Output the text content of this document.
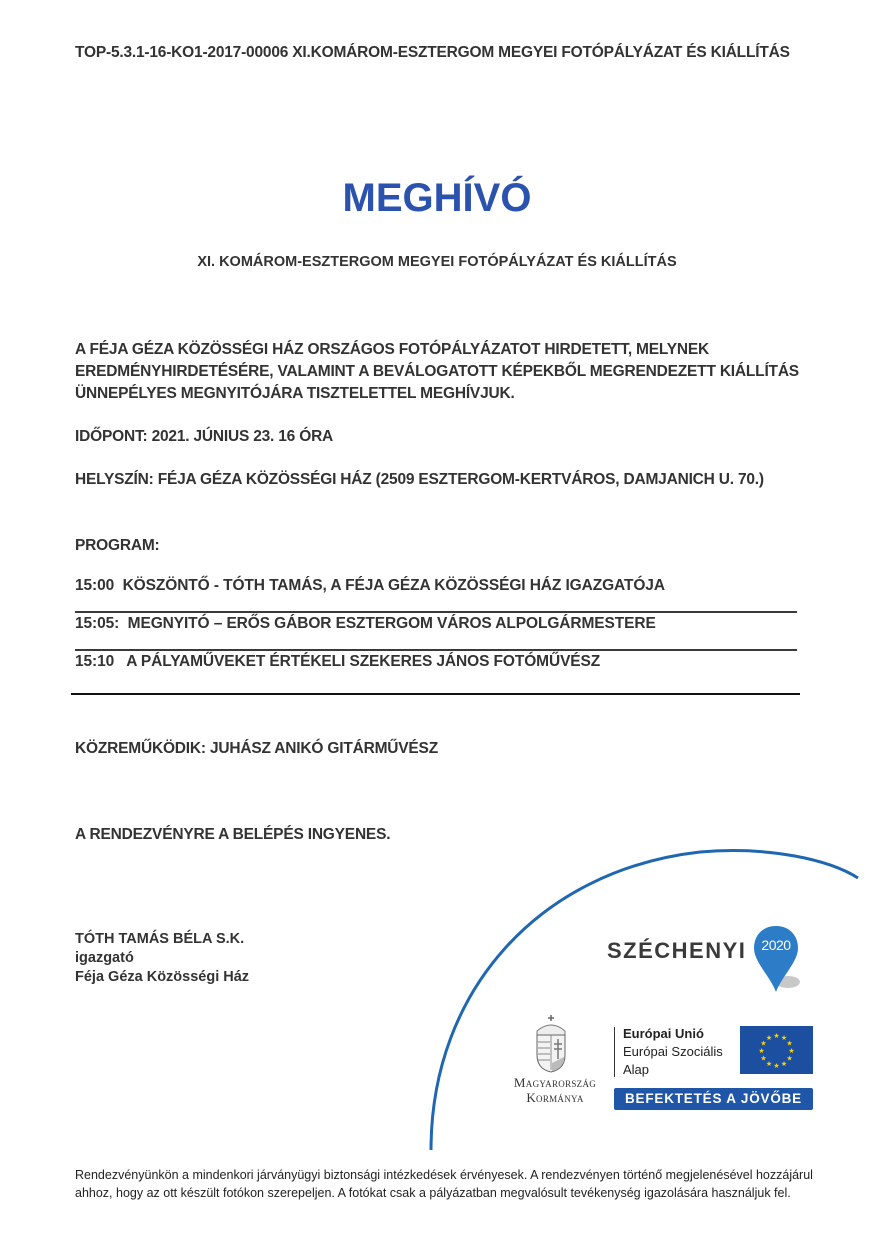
TOP-5.3.1-16-KO1-2017-00006 XI.KOMÁROM-ESZTERGOM MEGYEI FOTÓPÁLYÁZAT ÉS KIÁLLÍTÁS
MEGHÍVÓ
XI. KOMÁROM-ESZTERGOM MEGYEI FOTÓPÁLYÁZAT ÉS KIÁLLÍTÁS
A FÉJA GÉZA KÖZÖSSÉGI HÁZ ORSZÁGOS FOTÓPÁLYÁZATOT HIRDETETT, MELYNEK EREDMÉNYHIRDETÉSÉRE, VALAMINT A BEVÁLOGATOTT KÉPEKBŐL MEGRENDEZETT KIÁLLÍTÁS ÜNNEPÉLYES MEGNYITÓJÁRA TISZTELETTEL MEGHÍVJUK.
IDŐPONT: 2021. JÚNIUS 23. 16 ÓRA
HELYSZÍN: FÉJA GÉZA KÖZÖSSÉGI HÁZ (2509 ESZTERGOM-KERTVÁROS, DAMJANICH U. 70.)
PROGRAM:
15:00 KÖSZÖNTŐ - TÓTH TAMÁS, A FÉJA GÉZA KÖZÖSSÉGI HÁZ IGAZGATÓJA
15:05: MEGNYITÓ – ERŐS GÁBOR ESZTERGOM VÁROS ALPOLGÁRMESTERE
15:10 A PÁLYAMŰVEKET ÉRTÉKELI SZEKERES JÁNOS FOTÓMŰVÉSZ
KÖZREMŰKÖDIK: JUHÁSZ ANIKÓ GITÁRMŰVÉSZ
A RENDEZVÉNYRE A BELÉPÉS INGYENES.
TÓTH TAMÁS BÉLA S.K.
igazgató
Féja Géza Közösségi Ház
SZÉCHENYI	2020
Magyarország
Kormánya
Európai Unió
Európai Szociális
Alap
★ ★
★
★
★
★
★
★
★
★
★
★
BEFEKTETÉS A JÖVŐBE
Rendezvényünkön a mindenkori járványügyi biztonsági intézkedések érvényesek. A rendezvényen történő megjelenésével hozzájárul ahhoz, hogy az ott készült fotókon szerepeljen. A fotókat csak a pályázatban megvalósult tevékenység igazolására használjuk fel.
